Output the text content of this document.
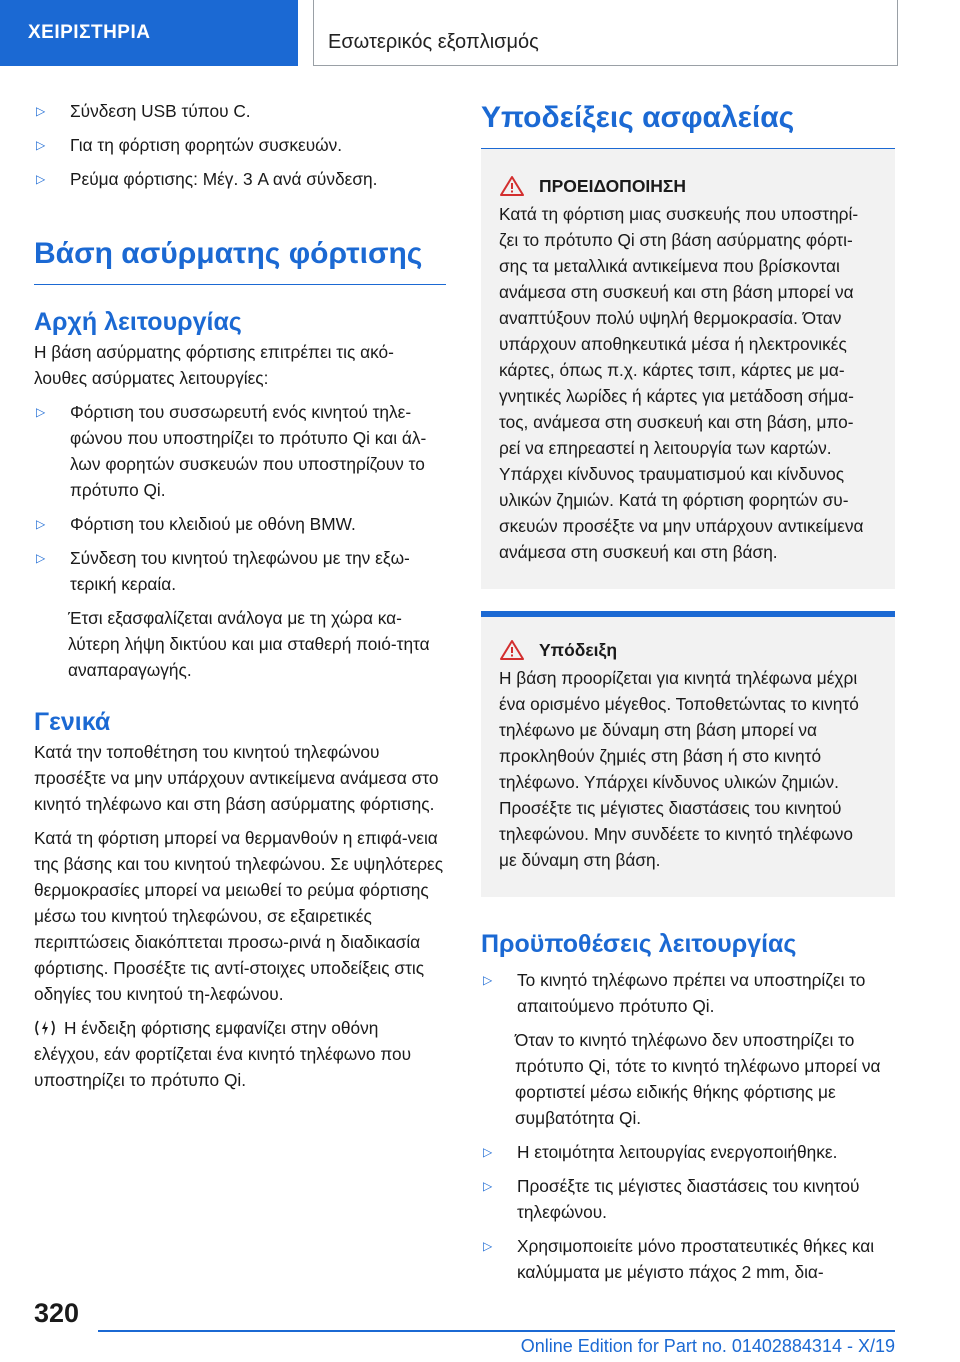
ΧΕΙΡΙΣΤΗΡΙΑ	Εσωτερικός εξοπλισμός
▷	Σύνδεση USB τύπου C.

▷	Για τη φόρτιση φορητών συσκευών.

▷	Ρεύμα φόρτισης: Μέγ. 3 A ανά σύνδεση.

Βάση ασύρματης φόρτισης
Αρχή λειτουργίας

Η βάση ασύρματης φόρτισης επιτρέπει τις ακό-λουθες ασύρματες λειτουργίες:

▷	Φόρτιση του συσσωρευτή ενός κινητού τηλε-φώνου που υποστηρίζει το πρότυπο Qi και άλ-λων φορητών συσκευών που υποστηρίζουν το πρότυπο Qi.

▷	Φόρτιση του κλειδιού με οθόνη BMW.

▷	Σύνδεση του κινητού τηλεφώνου με την εξω-τερική κεραία.

Έτσι εξασφαλίζεται ανάλογα με τη χώρα κα-λύτερη λήψη δικτύου και μια σταθερή ποιό-τητα αναπαραγωγής.

Γενικά

Κατά την τοποθέτηση του κινητού τηλεφώνου προσέξτε να μην υπάρχουν αντικείμενα ανάμεσα στο κινητό τηλέφωνο και στη βάση ασύρματης φόρτισης.

Κατά τη φόρτιση μπορεί να θερμανθούν η επιφά-νεια της βάσης και του κινητού τηλεφώνου. Σε υψηλότερες θερμοκρασίες μπορεί να μειωθεί το ρεύμα φόρτισης μέσω του κινητού τηλεφώνου, σε εξαιρετικές περιπτώσεις διακόπτεται προσω-ρινά η διαδικασία φόρτισης. Προσέξτε τις αντί-στοιχες υποδείξεις στις οδηγίες του κινητού τη-λεφώνου.

Η ένδειξη φόρτισης εμφανίζει στην οθόνη ελέγχου, εάν φορτίζεται ένα κινητό τηλέφωνο που υποστηρίζει το πρότυπο Qi.

Υποδείξεις ασφαλείας
ΠΡΟΕΙΔΟΠΟΙΗΣΗ

Κατά τη φόρτιση μιας συσκευής που υποστηρί-ζει το πρότυπο Qi στη βάση ασύρματης φόρτι-σης τα μεταλλικά αντικείμενα που βρίσκονται ανάμεσα στη συσκευή και στη βάση μπορεί να αναπτύξουν πολύ υψηλή θερμοκρασία. Όταν υπάρχουν αποθηκευτικά μέσα ή ηλεκτρονικές κάρτες, όπως π.χ. κάρτες τσιπ, κάρτες με μα-γνητικές λωρίδες ή κάρτες για μετάδοση σήμα-τος, ανάμεσα στη συσκευή και στη βάση, μπο-ρεί να επηρεαστεί η λειτουργία των καρτών. Υπάρχει κίνδυνος τραυματισμού και κίνδυνος υλικών ζημιών. Κατά τη φόρτιση φορητών συ-σκευών προσέξτε να μην υπάρχουν αντικείμενα ανάμεσα στη συσκευή και στη βάση.

Υπόδειξη

Η βάση προορίζεται για κινητά τηλέφωνα μέχρι ένα ορισμένο μέγεθος. Τοποθετώντας το κινητό τηλέφωνο με δύναμη στη βάση μπορεί να προκληθούν ζημιές στη βάση ή στο κινητό τηλέφωνο. Υπάρχει κίνδυνος υλικών ζημιών. Προσέξτε τις μέγιστες διαστάσεις του κινητού τηλεφώνου. Μην συνδέετε το κινητό τηλέφωνο με δύναμη στη βάση.

Προϋποθέσεις λειτουργίας
▷	Το κινητό τηλέφωνο πρέπει να υποστηρίζει το απαιτούμενο πρότυπο Qi.

Όταν το κινητό τηλέφωνο δεν υποστηρίζει το πρότυπο Qi, τότε το κινητό τηλέφωνο μπορεί να φορτιστεί μέσω ειδικής θήκης φόρτισης με συμβατότητα Qi.

▷	Η ετοιμότητα λειτουργίας ενεργοποιήθηκε.

▷	Προσέξτε τις μέγιστες διαστάσεις του κινητού τηλεφώνου.

▷	Χρησιμοποιείτε μόνο προστατευτικές θήκες και καλύμματα με μέγιστο πάχος 2 mm, δια-

320
Online Edition for Part no. 01402884314 - X/19
